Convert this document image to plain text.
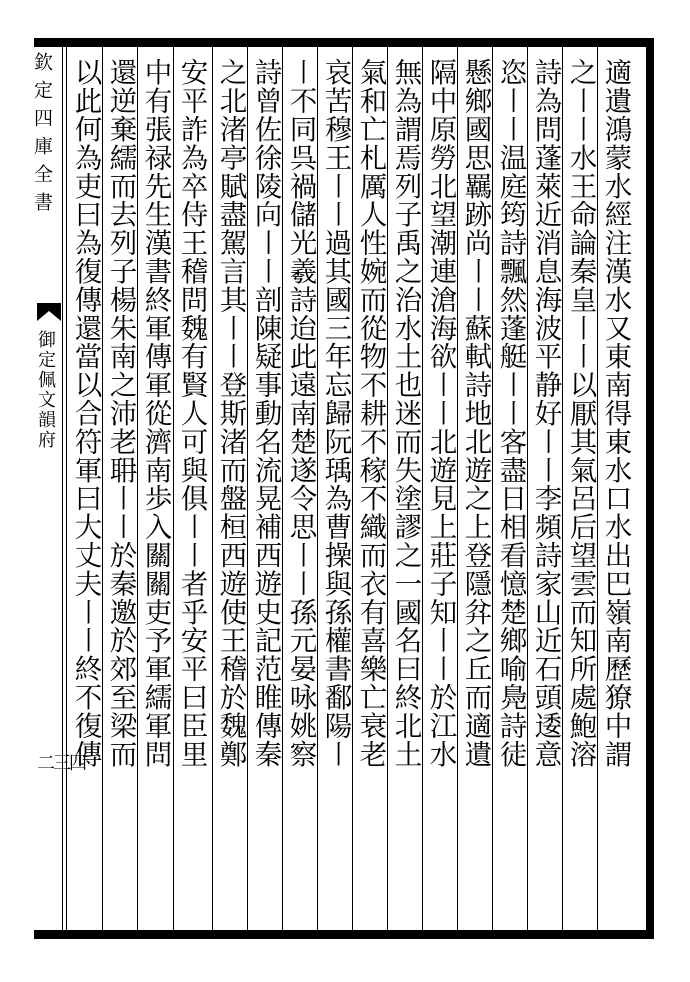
欽定四庫全書
御定佩文韻府
二三四	適遺鴻蒙水經注漢水又東南得東水口水出巴嶺南歷獠中謂
之〡〡水王命論秦皇〡〡以厭其氣呂后望雲而知所處鮑溶
詩為問蓬萊近消息海波平静好〡〡李頻詩家山近石頭逶意
恣〡〡温庭筠詩飄然蓬艇〡〡客盡日相看憶楚鄉喻鳧詩徒
懸鄉國思羈跡尚〡〡蘇軾詩地北遊之上登隱弅之丘而適遺
隔中原勞北望潮連滄海欲〡〡北遊見上莊子知〡〡於江水
無為謂焉列子禹之治水土也迷而失塗謬之一國名曰終北土
氣和亡札厲人性婉而從物不耕不稼不織而衣有喜樂亡衰老
哀苦穆王〡〡過其國三年忘歸阮瑀為曹操與孫權書鄱陽〡
〡不同呉禍儲光羲詩迨此遠南楚遂令思〡〡孫元晏咏姚察
詩曾佐徐陵向〡〡剖陳疑事動名流晃補西遊史記范睢傳秦
之北渚亭賦盡駕言其〡〡登斯渚而盤桓西遊使王稽於魏鄭
安平詐為卒侍王稽問魏有賢人可與俱〡〡者乎安平曰臣里
中有張禄先生漢書終軍傳軍從濟南歩入關關吏予軍繻軍問
還逆棄繻而去列子楊朱南之沛老耼〡〡於秦邀於郊至梁而
以此何為吏曰為復傳還當以合符軍曰大丈夫〡〡終不復傳
